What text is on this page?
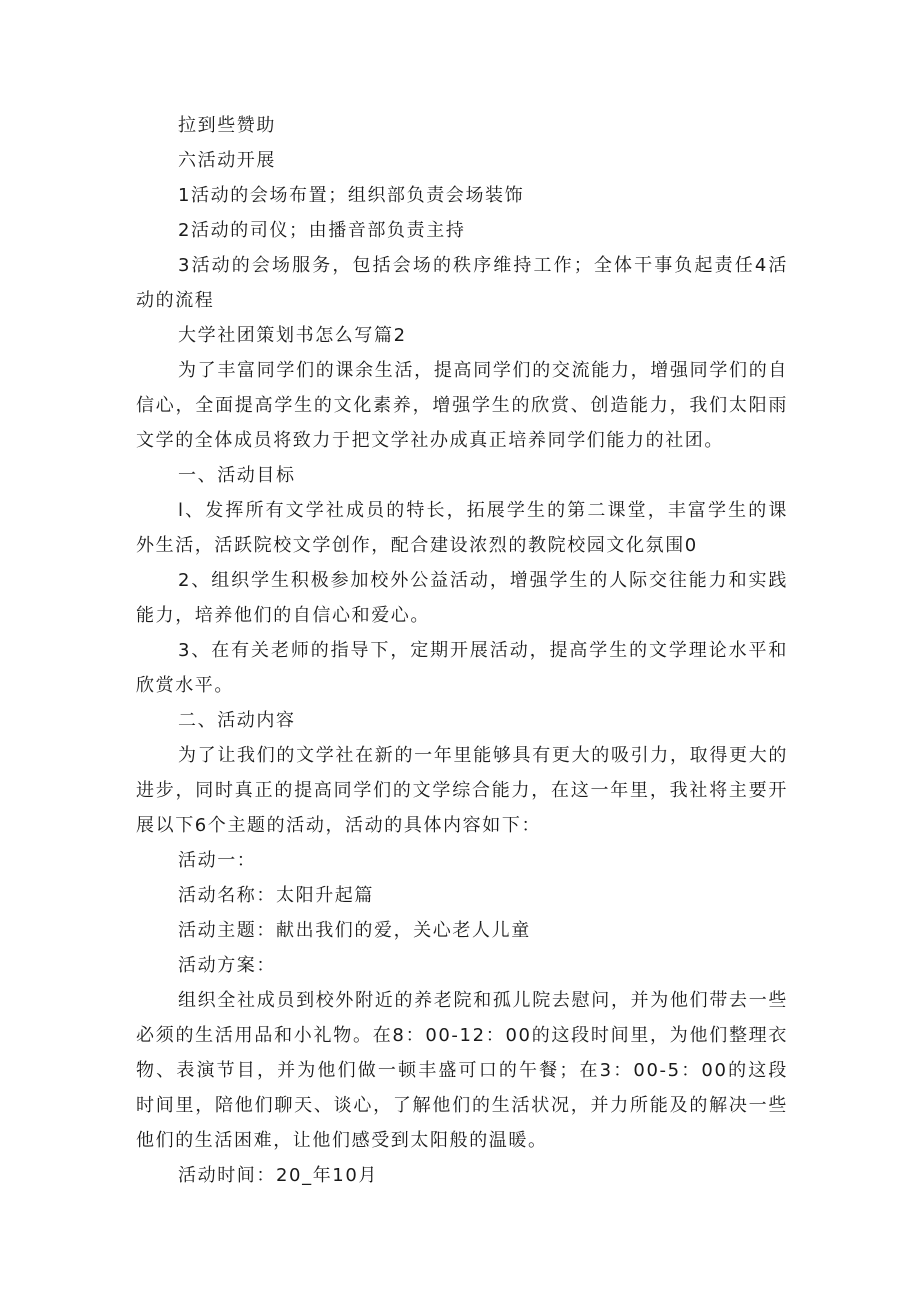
拉到些赞助

六活动开展

1活动的会场布置；组织部负责会场装饰

2活动的司仪；由播音部负责主持

3活动的会场服务，包括会场的秩序维持工作；全体干事负起责任4活动的流程

大学社团策划书怎么写篇2

为了丰富同学们的课余生活，提高同学们的交流能力，增强同学们的自信心，全面提高学生的文化素养，增强学生的欣赏、创造能力，我们太阳雨文学的全体成员将致力于把文学社办成真正培养同学们能力的社团。

一、活动目标

l、发挥所有文学社成员的特长，拓展学生的第二课堂，丰富学生的课外生活，活跃院校文学创作，配合建设浓烈的教院校园文化氛围0

2、组织学生积极参加校外公益活动，增强学生的人际交往能力和实践能力，培养他们的自信心和爱心。

3、在有关老师的指导下，定期开展活动，提高学生的文学理论水平和欣赏水平。

二、活动内容

为了让我们的文学社在新的一年里能够具有更大的吸引力，取得更大的进步，同时真正的提高同学们的文学综合能力，在这一年里，我社将主要开展以下6个主题的活动，活动的具体内容如下：

活动一：

活动名称：太阳升起篇

活动主题：献出我们的爱，关心老人儿童

活动方案：

组织全社成员到校外附近的养老院和孤儿院去慰问，并为他们带去一些必须的生活用品和小礼物。在8：00-12：00的这段时间里，为他们整理衣物、表演节目，并为他们做一顿丰盛可口的午餐；在3：00-5：00的这段时间里，陪他们聊天、谈心，了解他们的生活状况，并力所能及的解决一些他们的生活困难，让他们感受到太阳般的温暖。

活动时间：20_年10月
